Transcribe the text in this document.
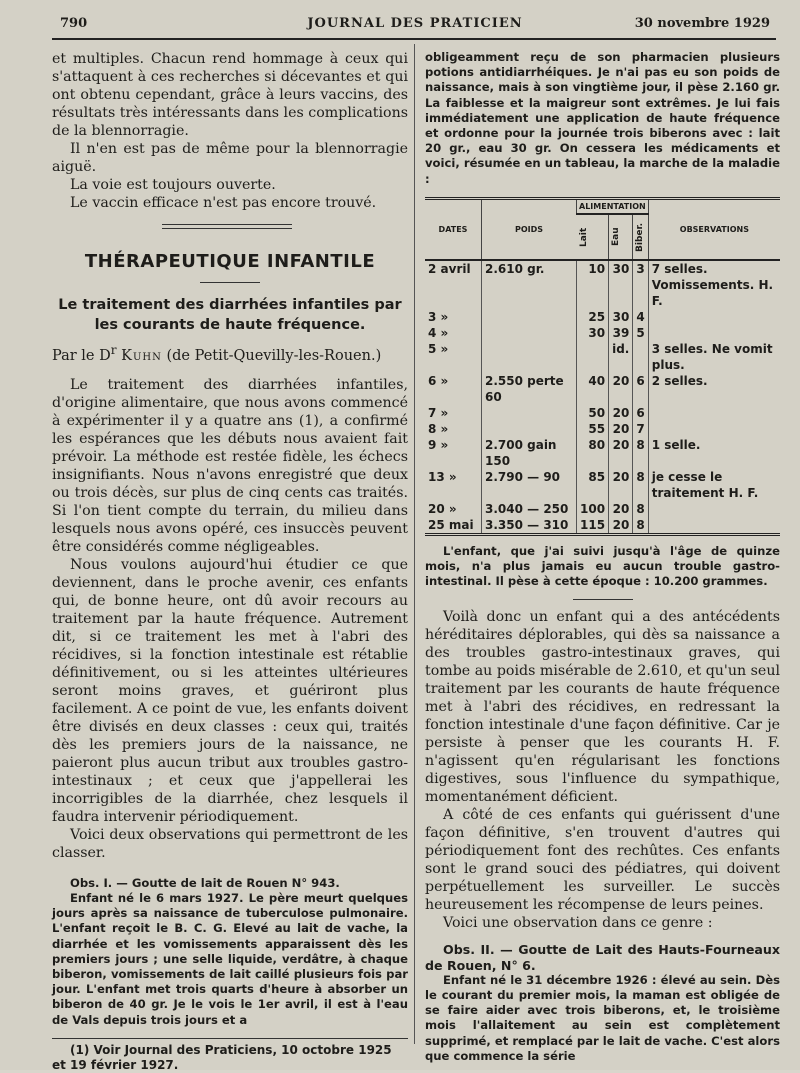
790	JOURNAL DES PRATICIEN	30 novembre 1929

et multiples. Chacun rend hommage à ceux qui s'attaquent à ces recherches si décevantes et qui ont obtenu cependant, grâce à leurs vaccins, des résultats très intéressants dans les complications de la blennorragie.

Il n'en est pas de même pour la blennorragie aiguë.

La voie est toujours ouverte.

Le vaccin efficace n'est pas encore trouvé.

THÉRAPEUTIQUE INFANTILE
Le traitement des diarrhées infantiles par les courants de haute fréquence.
Par le $D^r$ Kuhn (de Petit-Quevilly-les-Rouen.)

Le traitement des diarrhées infantiles, d'origine alimentaire, que nous avons commencé à expérimenter il y a quatre ans (1), a confirmé les espérances que les débuts nous avaient fait prévoir. La méthode est restée fidèle, les échecs insignifiants. Nous n'avons enregistré que deux ou trois décès, sur plus de cinq cents cas traités. Si l'on tient compte du terrain, du milieu dans lesquels nous avons opéré, ces insuccès peuvent être considérés comme négligeables.

Nous voulons aujourd'hui étudier ce que deviennent, dans le proche avenir, ces enfants qui, de bonne heure, ont dû avoir recours au traitement par la haute fréquence. Autrement dit, si ce traitement les met à l'abri des récidives, si la fonction intestinale est rétablie définitivement, ou si les atteintes ultérieures seront moins graves, et guériront plus facilement. A ce point de vue, les enfants doivent être divisés en deux classes : ceux qui, traités dès les premiers jours de la naissance, ne paieront plus aucun tribut aux troubles gastro-intestinaux ; et ceux que j'appellerai les incorrigibles de la diarrhée, chez lesquels il faudra intervenir périodiquement.

Voici deux observations qui permettront de les classer.

Obs. I. — Goutte de lait de Rouen N° 943.

Enfant né le 6 mars 1927. Le père meurt quelques jours après sa naissance de tuberculose pulmonaire. L'enfant reçoit le B. C. G. Elevé au lait de vache, la diarrhée et les vomissements apparaissent dès les premiers jours ; une selle liquide, verdâtre, à chaque biberon, vomissements de lait caillé plusieurs fois par jour. L'enfant met trois quarts d'heure à absorber un biberon de 40 gr. Je le vois le 1er avril, il est à l'eau de Vals depuis trois jours et a

(1) Voir Journal des Praticiens, 10 octobre 1925 et 19 février 1927.

obligeamment reçu de son pharmacien plusieurs potions antidiarrhéiques. Je n'ai pas eu son poids de naissance, mais à son vingtième jour, il pèse 2.160 gr. La faiblesse et la maigreur sont extrêmes. Je lui fais immédiatement une application de haute fréquence et ordonne pour la journée trois biberons avec : lait 20 gr., eau 30 gr. On cessera les médicaments et voici, résumée en un tableau, la marche de la maladie :

DATES	POIDS	ALIMENTATION			OBSERVATIONS

		Lait	Eau	Biber.	

2 avril	2.610 gr.	10	30	3	7 selles. Vomissements. H. F.
3 »		25	30	4	
4 »		30	39	5	
5 »			id.		3 selles. Ne vomit plus.
6 »	2.550 perte 60	40	20	6	2 selles.
7 »		50	20	6	
8 »		55	20	7	
9 »	2.700 gain 150	80	20	8	1 selle.
13 »	2.790 — 90	85	20	8	je cesse le traitement H. F.
20 »	3.040 — 250	100	20	8	
25 mai	3.350 — 310	115	20	8	

L'enfant, que j'ai suivi jusqu'à l'âge de quinze mois, n'a plus jamais eu aucun trouble gastro-intestinal. Il pèse à cette époque : 10.200 grammes.

Voilà donc un enfant qui a des antécédents héréditaires déplorables, qui dès sa naissance a des troubles gastro-intestinaux graves, qui tombe au poids misérable de 2.610, et qu'un seul traitement par les courants de haute fréquence met à l'abri des récidives, en redressant la fonction intestinale d'une façon définitive. Car je persiste à penser que les courants H. F. n'agissent qu'en régularisant les fonctions digestives, sous l'influence du sympathique, momentanément déficient.

A côté de ces enfants qui guérissent d'une façon définitive, s'en trouvent d'autres qui périodiquement font des rechûtes. Ces enfants sont le grand souci des pédiatres, qui doivent perpétuellement les surveiller. Le succès heureusement les récompense de leurs peines.

Voici une observation dans ce genre :

Obs. II. — Goutte de Lait des Hauts-Fourneaux de Rouen, N° 6.

Enfant né le 31 décembre 1926 : élevé au sein. Dès le courant du premier mois, la maman est obligée de se faire aider avec trois biberons, et, le troisième mois l'allaitement au sein est complètement supprimé, et remplacé par le lait de vache. C'est alors que commence la série
